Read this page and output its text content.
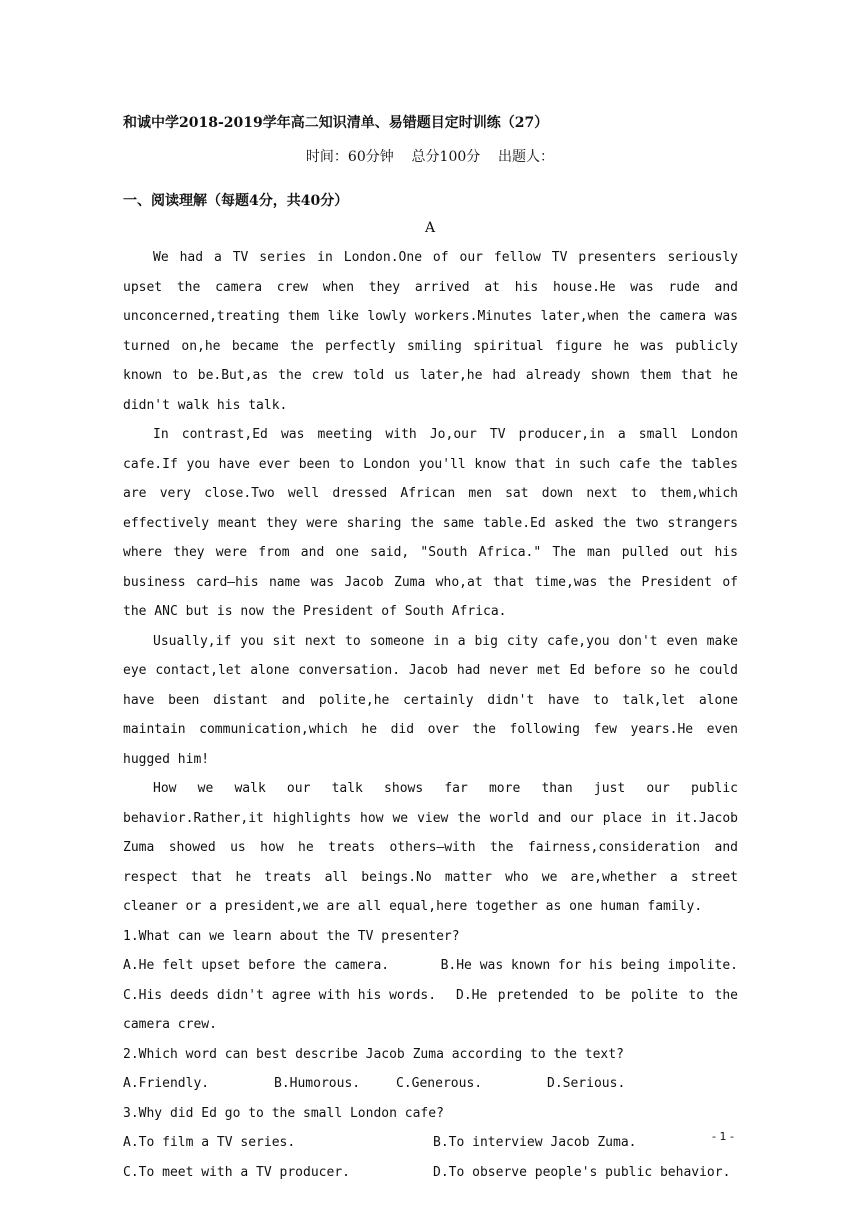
和诚中学2018-2019学年高二知识清单、易错题目定时训练（27）
时间：60分钟    总分100分    出题人：
一、阅读理解（每题4分，共40分）
A

We had a TV series in London.One of our fellow TV presenters seriously upset the camera crew when they arrived at his house.He was rude and unconcerned,treating them like lowly workers.Minutes later,when the camera was turned on,he became the perfectly smiling spiritual figure he was publicly known to be.But,as the crew told us later,he had already shown them that he didn't walk his talk.

In contrast,Ed was meeting with Jo,our TV producer,in a small London cafe.If you have ever been to London you'll know that in such cafe the tables are very close.Two well dressed African men sat down next to them,which effectively meant they were sharing the same table.Ed asked the two strangers where they were from and one said, "South Africa." The man pulled out his business card—his name was Jacob Zuma who,at that time,was the President of the ANC but is now the President of South Africa.

Usually,if you sit next to someone in a big city cafe,you don't even make eye contact,let alone conversation. Jacob had never met Ed before so he could have been distant and polite,he certainly didn't have to talk,let alone maintain communication,which he did over the following few years.He even hugged him!

How we walk our talk shows far more than just our public behavior.Rather,it highlights how we view the world and our place in it.Jacob Zuma showed us how he treats others—with the fairness,consideration and respect that he treats all beings.No matter who we are,whether a street cleaner or a president,we are all equal,here together as one human family.

1.What can we learn about the TV presenter?

A.He felt upset before the camera.	B.He was known for his being impolite.
C.His deeds didn't agree with his words.	D.He pretended to be polite to the

camera crew.

2.Which word can best describe Jacob Zuma according to the text?

A.Friendly.	B.Humorous.	C.Generous.	D.Serious.

3.Why did Ed go to the small London cafe?

A.To film a TV series.	B.To interview Jacob Zuma.
C.To meet with a TV producer.	D.To observe people's public behavior.
- 1 -
